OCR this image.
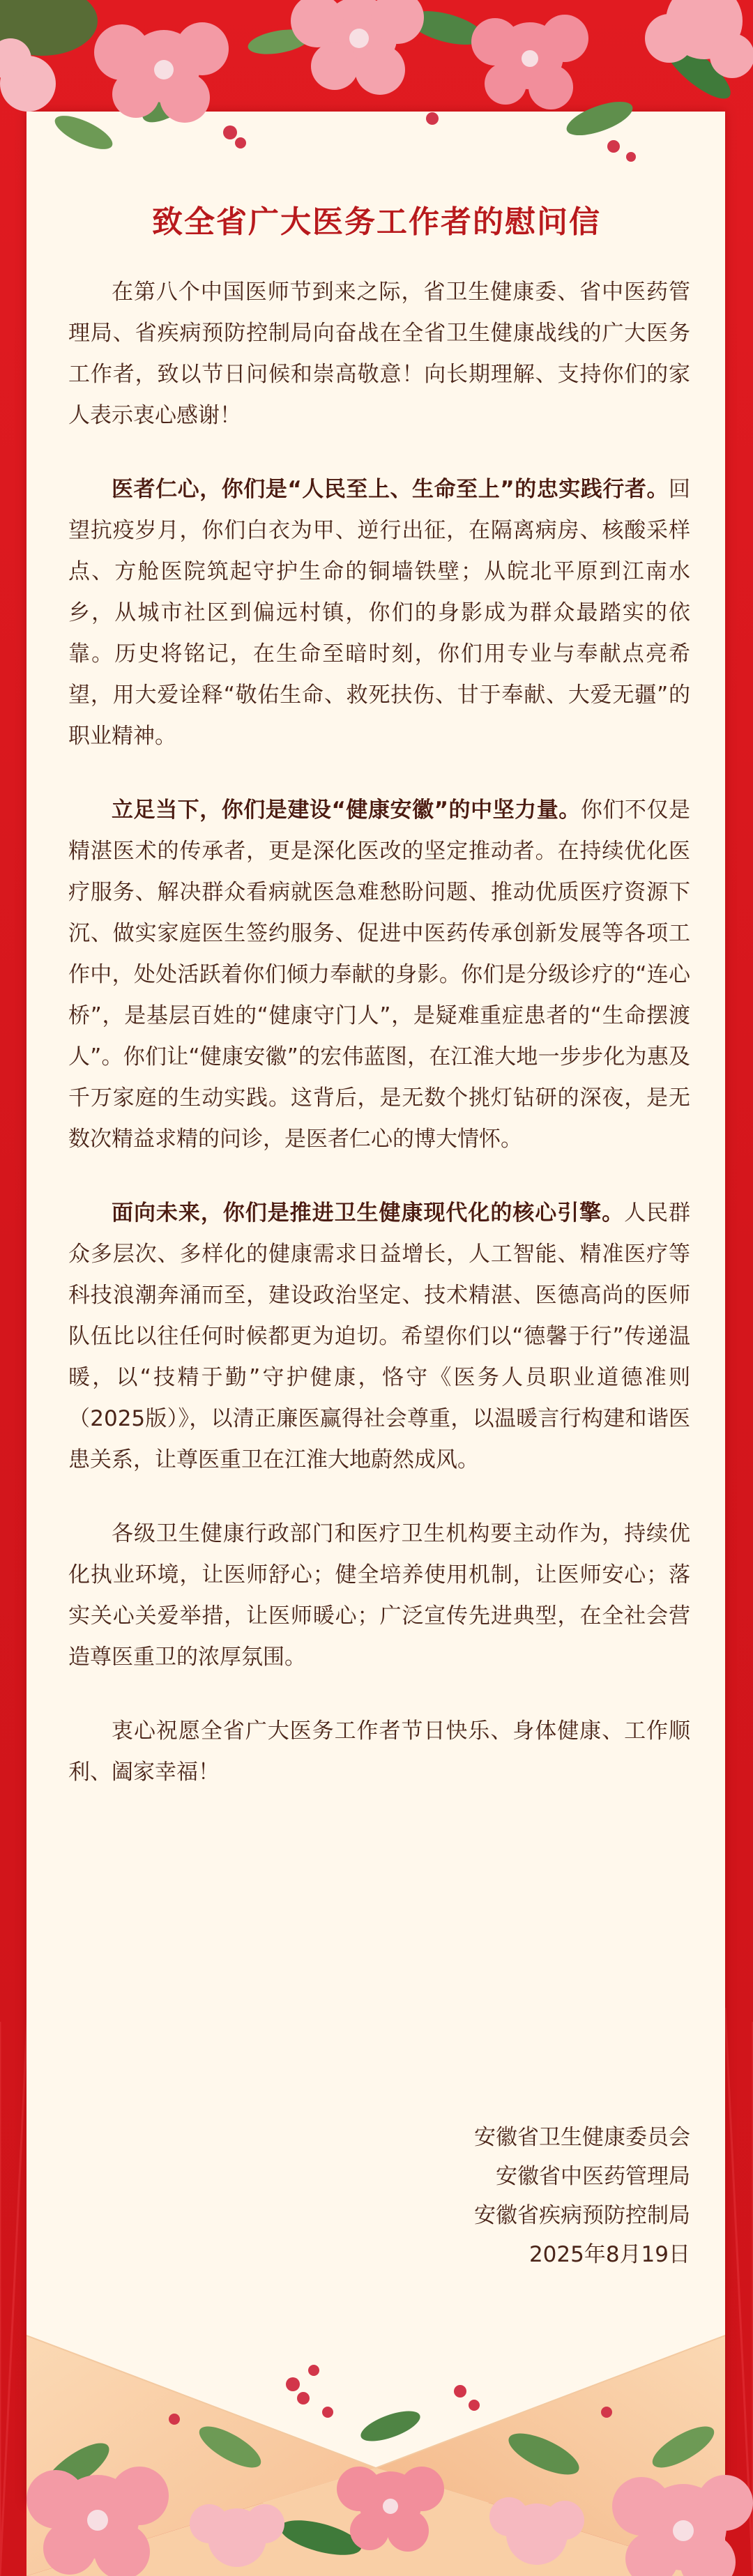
致全省广大医务工作者的慰问信

在第八个中国医师节到来之际，省卫生健康委、省中医药管理局、省疾病预防控制局向奋战在全省卫生健康战线的广大医务工作者，致以节日问候和崇高敬意！向长期理解、支持你们的家人表示衷心感谢！

医者仁心，你们是“人民至上、生命至上”的忠实践行者。回望抗疫岁月，你们白衣为甲、逆行出征，在隔离病房、核酸采样点、方舱医院筑起守护生命的铜墙铁壁；从皖北平原到江南水乡，从城市社区到偏远村镇，你们的身影成为群众最踏实的依靠。历史将铭记，在生命至暗时刻，你们用专业与奉献点亮希望，用大爱诠释“敬佑生命、救死扶伤、甘于奉献、大爱无疆”的职业精神。

立足当下，你们是建设“健康安徽”的中坚力量。你们不仅是精湛医术的传承者，更是深化医改的坚定推动者。在持续优化医疗服务、解决群众看病就医急难愁盼问题、推动优质医疗资源下沉、做实家庭医生签约服务、促进中医药传承创新发展等各项工作中，处处活跃着你们倾力奉献的身影。你们是分级诊疗的“连心桥”，是基层百姓的“健康守门人”，是疑难重症患者的“生命摆渡人”。你们让“健康安徽”的宏伟蓝图，在江淮大地一步步化为惠及千万家庭的生动实践。这背后，是无数个挑灯钻研的深夜，是无数次精益求精的问诊，是医者仁心的博大情怀。

面向未来，你们是推进卫生健康现代化的核心引擎。人民群众多层次、多样化的健康需求日益增长，人工智能、精准医疗等科技浪潮奔涌而至，建设政治坚定、技术精湛、医德高尚的医师队伍比以往任何时候都更为迫切。希望你们以“德馨于行”传递温暖，以“技精于勤”守护健康，恪守《医务人员职业道德准则（2025版）》，以清正廉医赢得社会尊重，以温暖言行构建和谐医患关系，让尊医重卫在江淮大地蔚然成风。

各级卫生健康行政部门和医疗卫生机构要主动作为，持续优化执业环境，让医师舒心；健全培养使用机制，让医师安心；落实关心关爱举措，让医师暖心；广泛宣传先进典型，在全社会营造尊医重卫的浓厚氛围。

衷心祝愿全省广大医务工作者节日快乐、身体健康、工作顺利、阖家幸福！

安徽省卫生健康委员会
安徽省中医药管理局
安徽省疾病预防控制局
2025年8月19日
